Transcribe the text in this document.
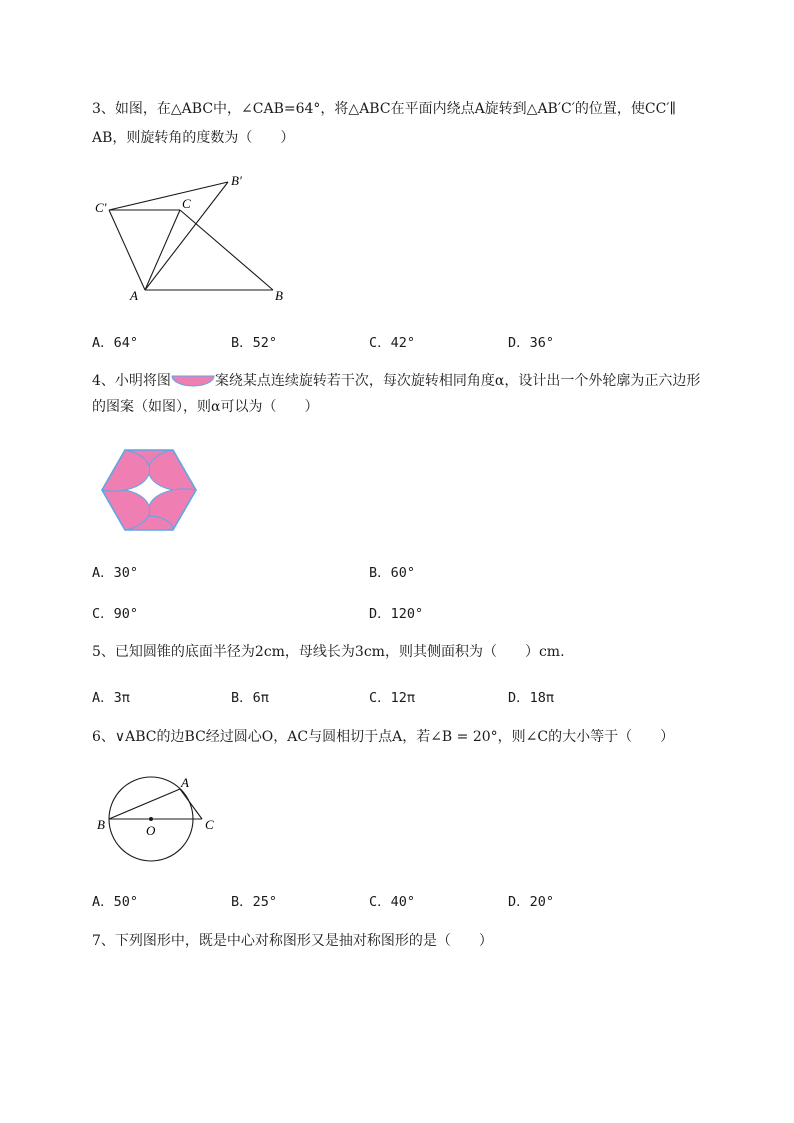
3、如图，在△ABC中，∠CAB=64°，将△ABC在平面内绕点A旋转到△AB′C′的位置，使CC′∥
AB，则旋转角的度数为（　　）
C′	C
B′
A	B
A．64°	B．52°	C．42°	D．36°
4、小明将图	案绕某点连续旋转若干次，每次旋转相同角度α，设计出一个外轮廓为正六边形
的图案（如图），则α可以为（　　）
A．30°	B．60°
C．90°	D．120°
5、已知圆锥的底面半径为2cm，母线长为3cm，则其侧面积为（　　）cm.
A．3π	B．6π	C．12π	D．18π
6、∨ABC的边BC经过圆心O，AC与圆相切于点A，若∠B = 20°，则∠C的大小等于（　　）
A
B	O	C
A．50°	B．25°	C．40°	D．20°
7、下列图形中，既是中心对称图形又是抽对称图形的是（　　）
